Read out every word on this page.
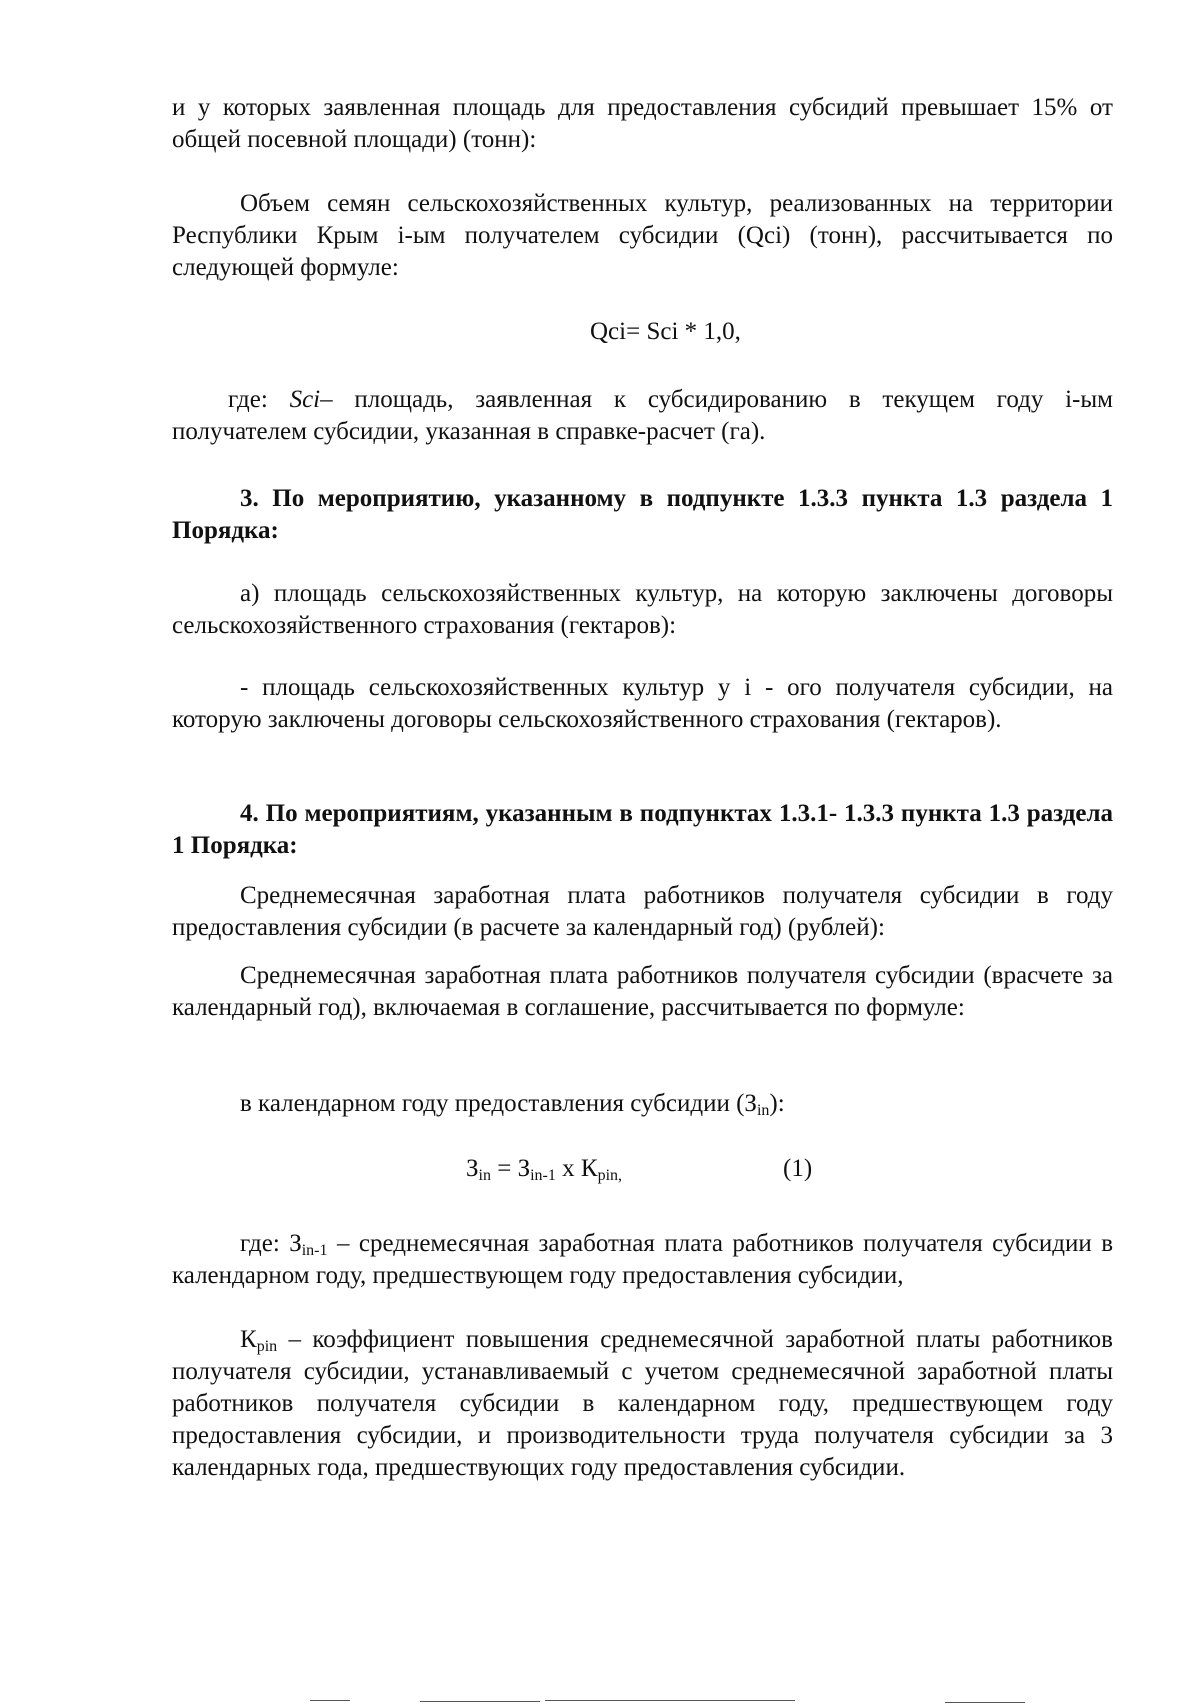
и у которых заявленная площадь для предоставления субсидий превышает 15% от общей посевной площади) (тонн):

Объем семян сельскохозяйственных культур, реализованных на территории Республики Крым i-ым получателем субсидии (Qci) (тонн), рассчитывается по следующей формуле:

Qci= Sci * 1,0,

где: Sci– площадь, заявленная к субсидированию в текущем году i-ым получателем субсидии, указанная в справке-расчет (га).

3. По мероприятию, указанному в подпункте 1.3.3 пункта 1.3 раздела 1 Порядка:

а) площадь сельскохозяйственных культур, на которую заключены договоры сельскохозяйственного страхования (гектаров):

- площадь сельскохозяйственных культур у i - ого получателя субсидии, на которую заключены договоры сельскохозяйственного страхования (гектаров).

4. По мероприятиям, указанным в подпунктах 1.3.1- 1.3.3 пункта 1.3 раздела 1 Порядка:

Среднемесячная заработная плата работников получателя субсидии в году предоставления субсидии (в расчете за календарный год) (рублей):

Среднемесячная заработная плата работников получателя субсидии (врасчете за календарный год), включаемая в соглашение, рассчитывается по формуле:

в календарном году предоставления субсидии $(З_{in})$:

$З_{in} = З_{in-1}$ х $К_{pin,}$	(1)

где: $З_{in-1}$ – среднемесячная заработная плата работников получателя субсидии в календарном году, предшествующем году предоставления субсидии,

$К_{pin}$ – коэффициент повышения среднемесячной заработной платы работников получателя субсидии, устанавливаемый с учетом среднемесячной заработной платы работников получателя субсидии в календарном году, предшествующем году предоставления субсидии, и производительности труда получателя субсидии за 3 календарных года, предшествующих году предоставления субсидии.
